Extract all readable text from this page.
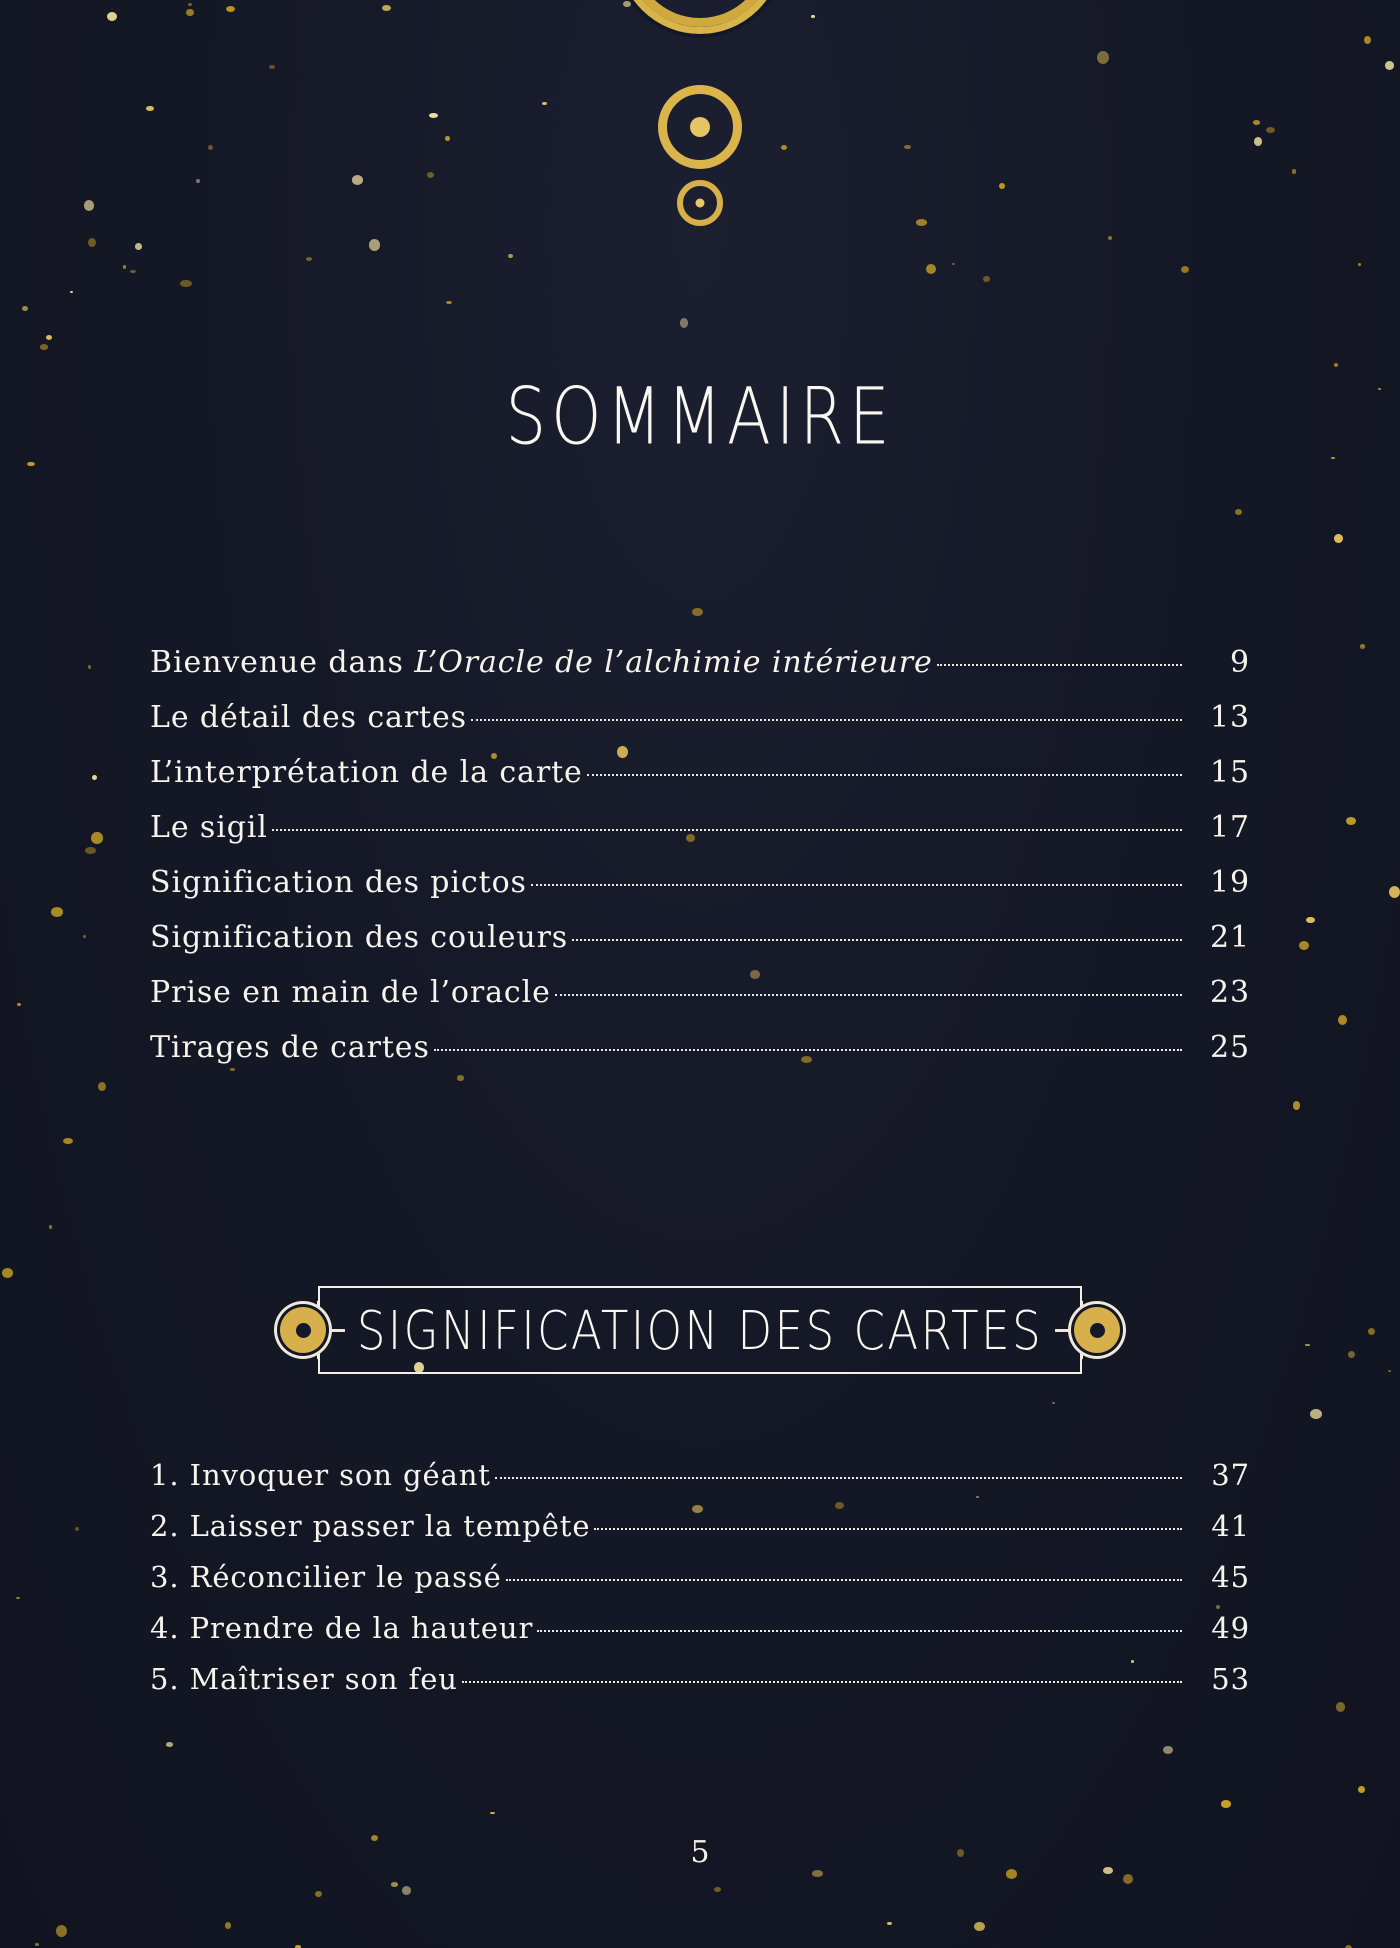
SOMMAIRE
Bienvenue dans L’Oracle de l’alchimie intérieure	9
Le détail des cartes	13
L’interprétation de la carte	15
Le sigil	17
Signification des pictos	19
Signification des couleurs	21
Prise en main de l’oracle	23
Tirages de cartes	25
SIGNIFICATION DES CARTES
1. Invoquer son géant	37
2. Laisser passer la tempête	41
3. Réconcilier le passé	45
4. Prendre de la hauteur	49
5. Maîtriser son feu	53
5
